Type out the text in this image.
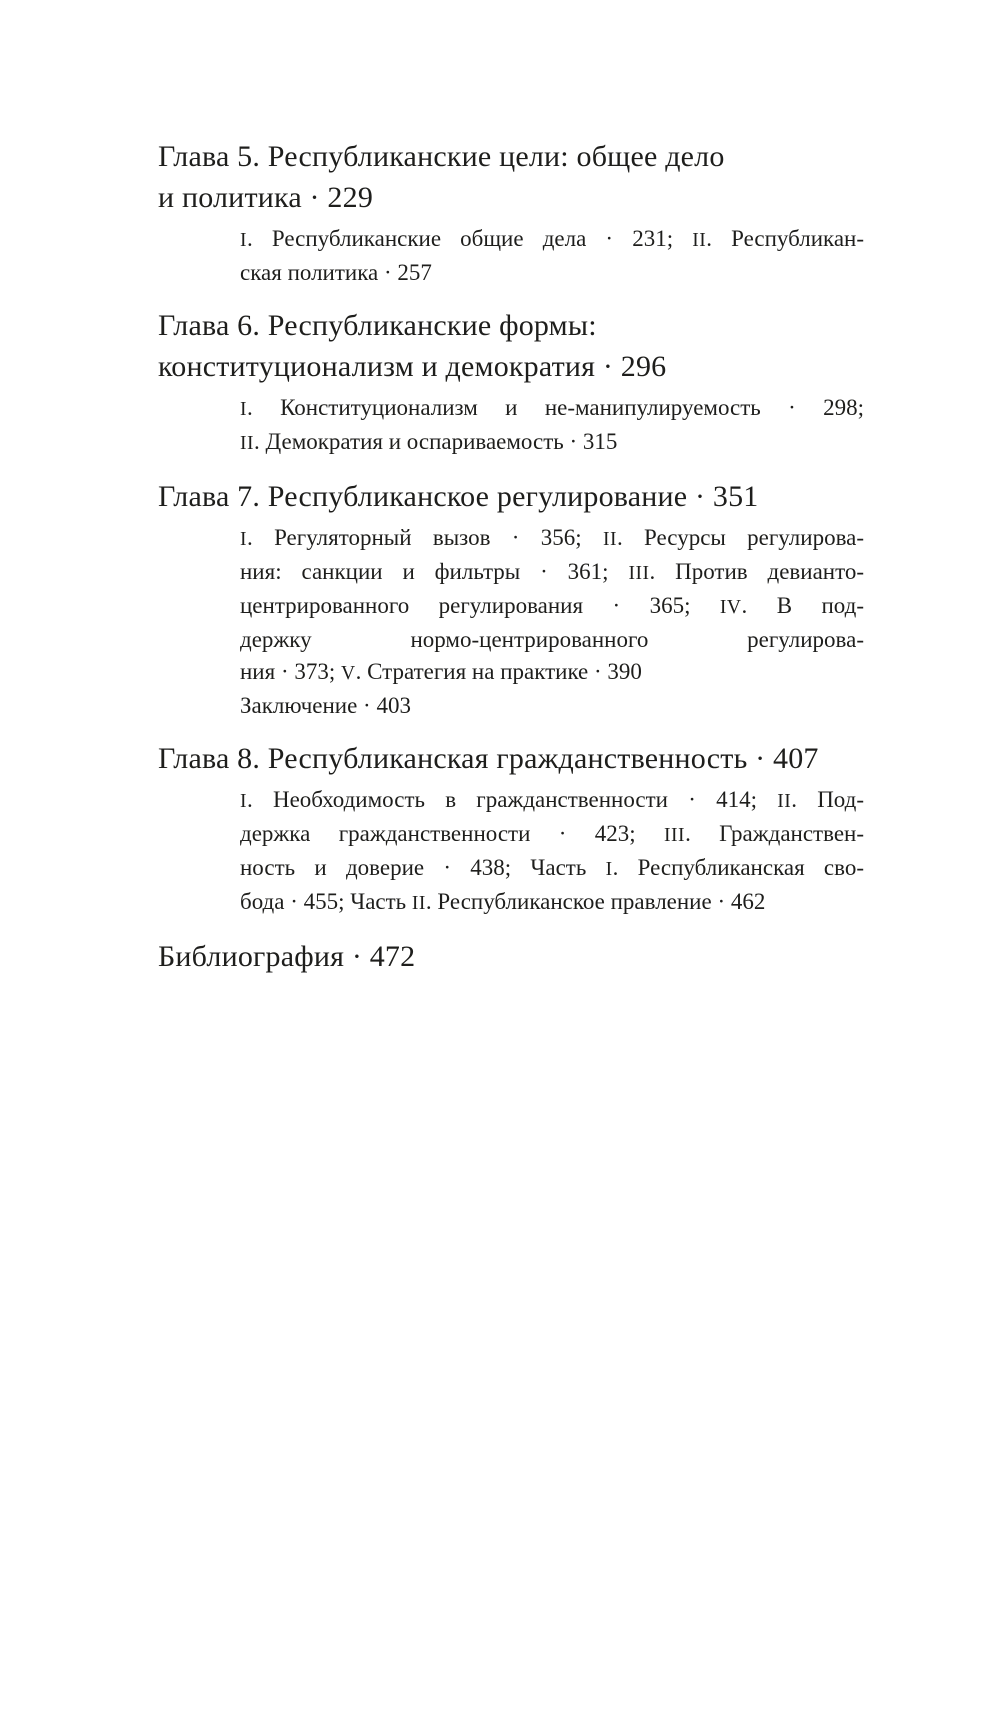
Глава 5. Республиканские цели: общее дело
и политика · 229
I. Республиканские общие дела · 231; II. Республикан-
ская политика · 257
Глава 6. Республиканские формы:
конституционализм и демократия · 296
I. Конституционализм и не-манипулируемость · 298;
II. Демократия и оспариваемость · 315
Глава 7. Республиканское регулирование · 351
I. Регуляторный вызов · 356; II. Ресурсы регулирова-
ния: санкции и фильтры · 361; III. Против девианто-
центрированного регулирования · 365; IV. В под-
держку нормо-центрированного регулирова-
ния · 373; V. Стратегия на практике · 390
Заключение · 403
Глава 8. Республиканская гражданственность · 407
I. Необходимость в гражданственности · 414; II. Под-
держка гражданственности · 423; III. Гражданствен-
ность и доверие · 438; Часть I. Республиканская сво-
бода · 455; Часть II. Республиканское правление · 462
Библиография · 472
